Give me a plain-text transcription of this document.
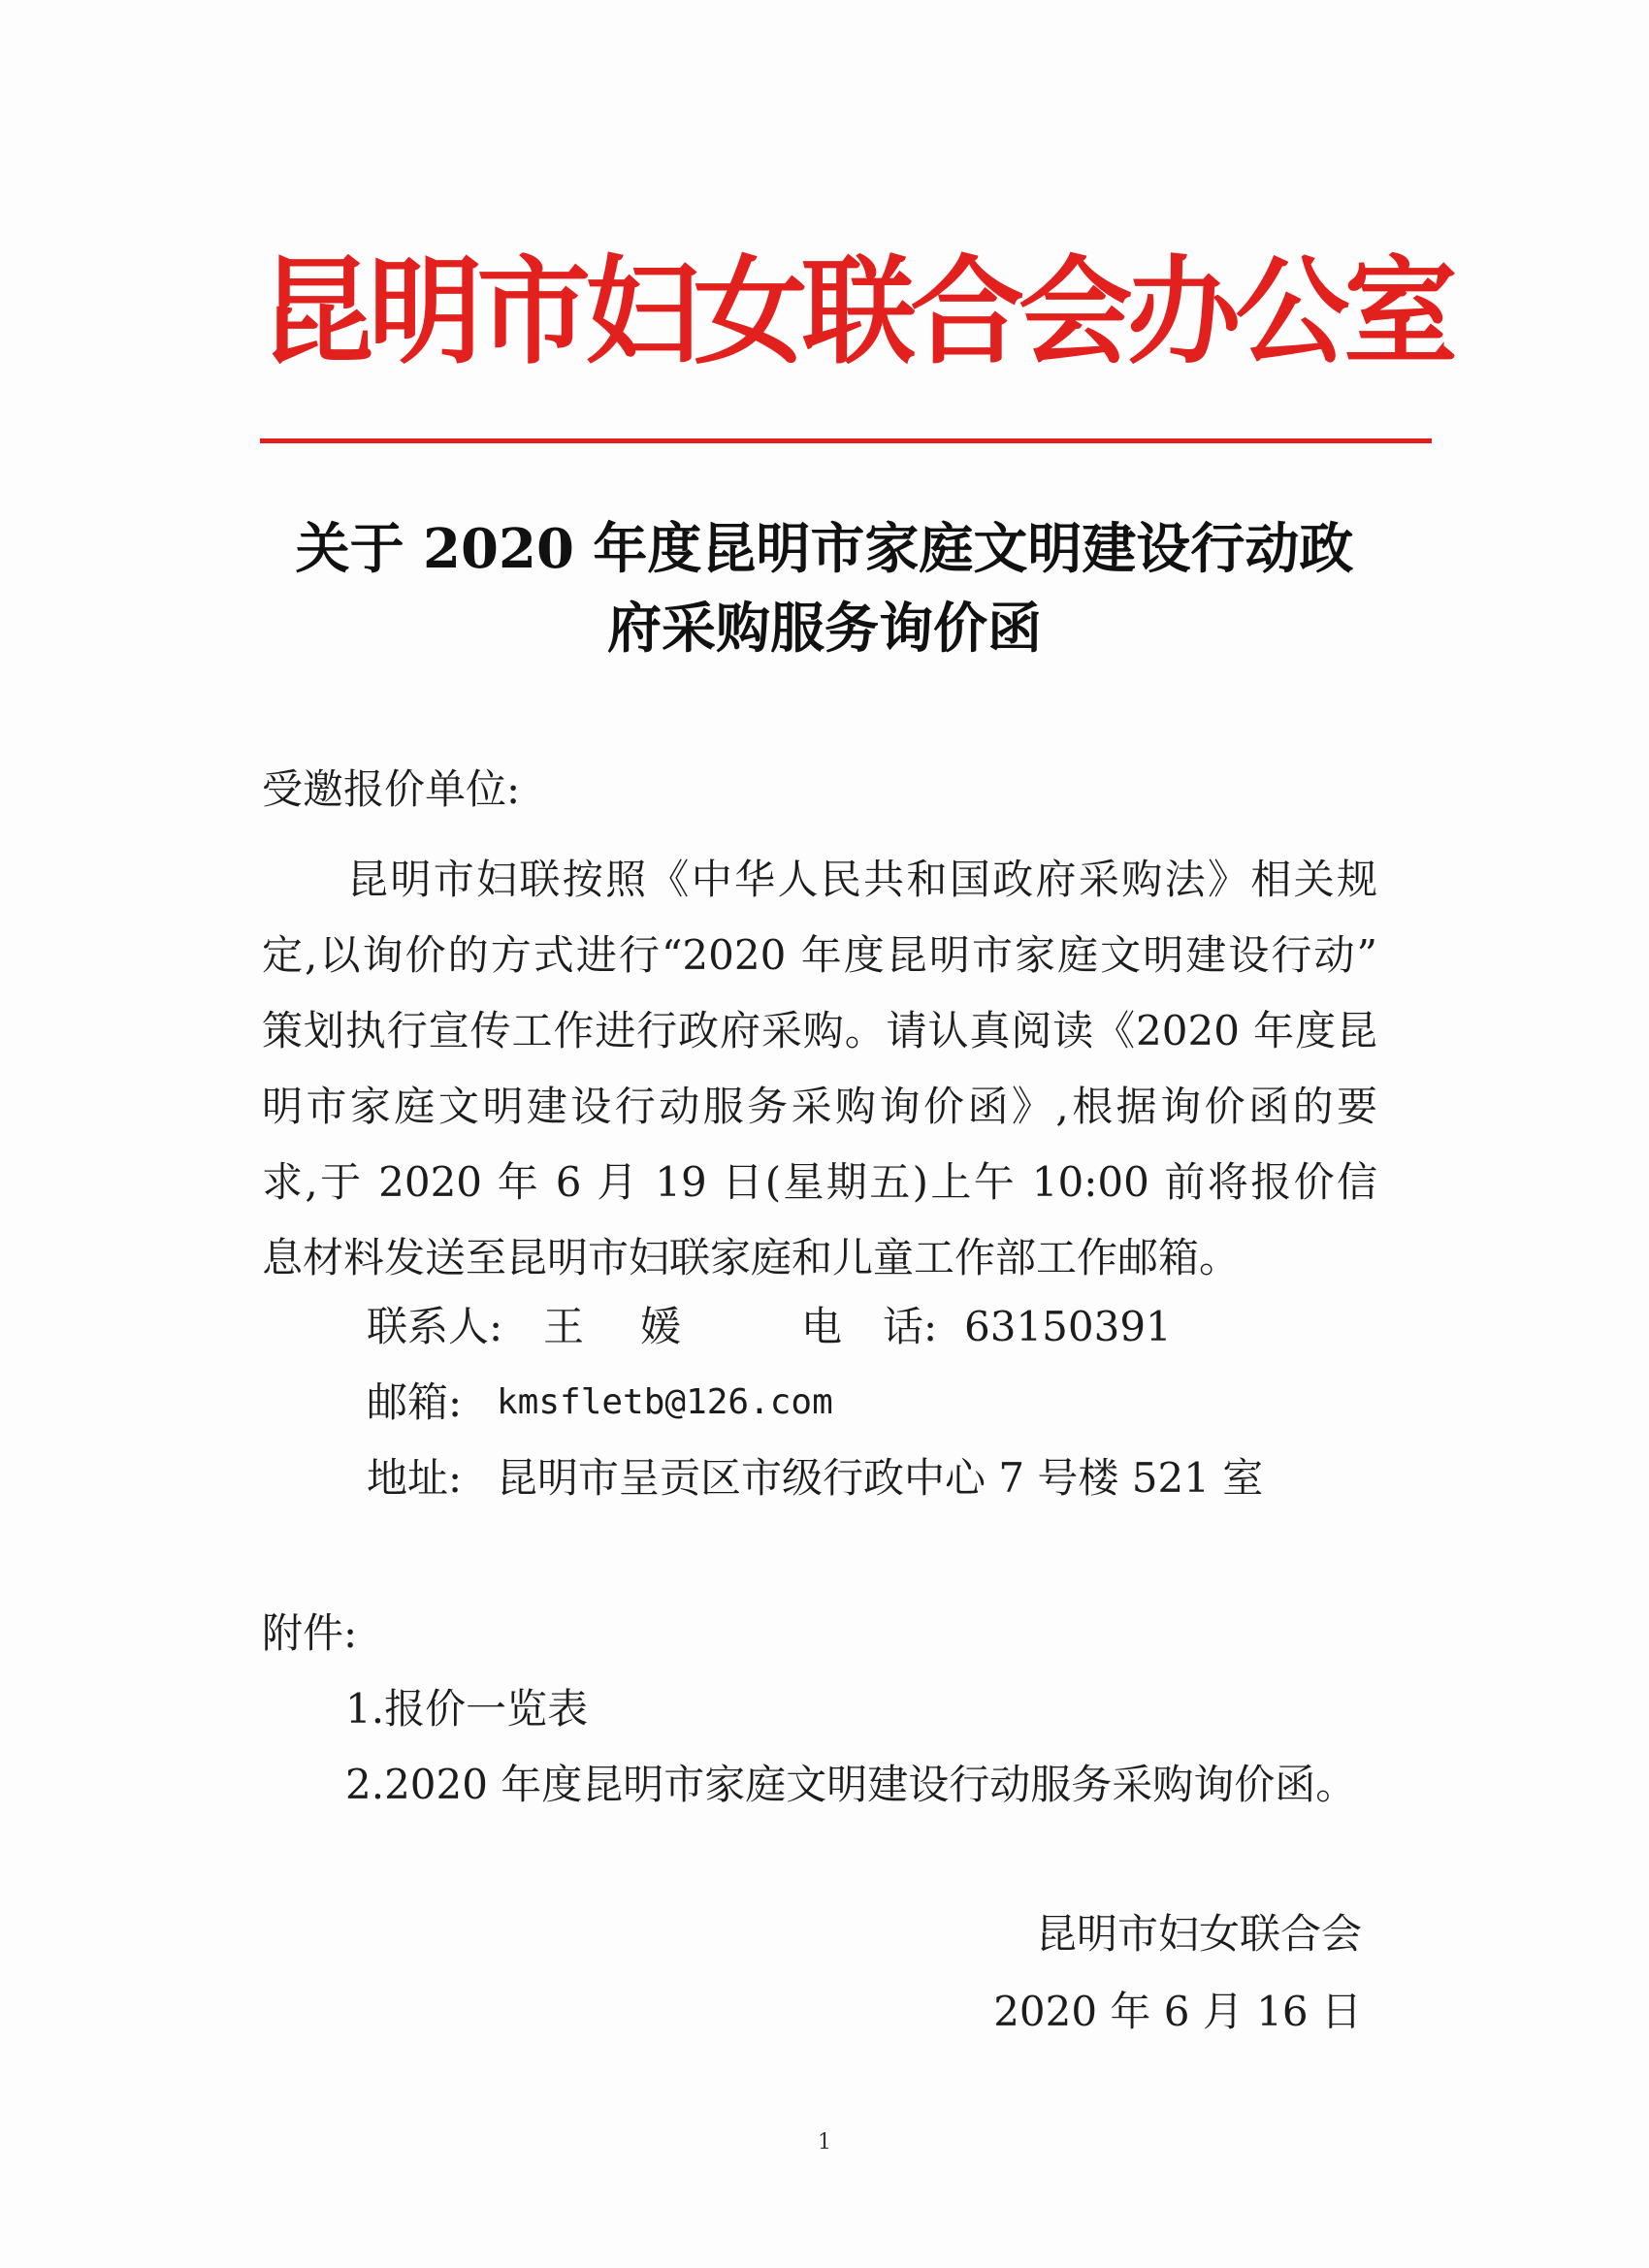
昆明市妇女联合会办公室
关于 2020 年度昆明市家庭文明建设行动政
府采购服务询价函
受邀报价单位:
昆明市妇联按照《中华人民共和国政府采购法》相关规
定,以询价的方式进行“2020 年度昆明市家庭文明建设行动”
策划执行宣传工作进行政府采购。请认真阅读《2020 年度昆
明市家庭文明建设行动服务采购询价函》,根据询价函的要
求,于 2020 年 6 月 19 日(星期五)上午 10:00 前将报价信
息材料发送至昆明市妇联家庭和儿童工作部工作邮箱。
联系人: 王　媛	电　话: 63150391
邮箱: kmsfletb@126.com
地址: 昆明市呈贡区市级行政中心 7 号楼 521 室
附件:
1.报价一览表
2.2020 年度昆明市家庭文明建设行动服务采购询价函。
昆明市妇女联合会
2020 年 6 月 16 日
1
